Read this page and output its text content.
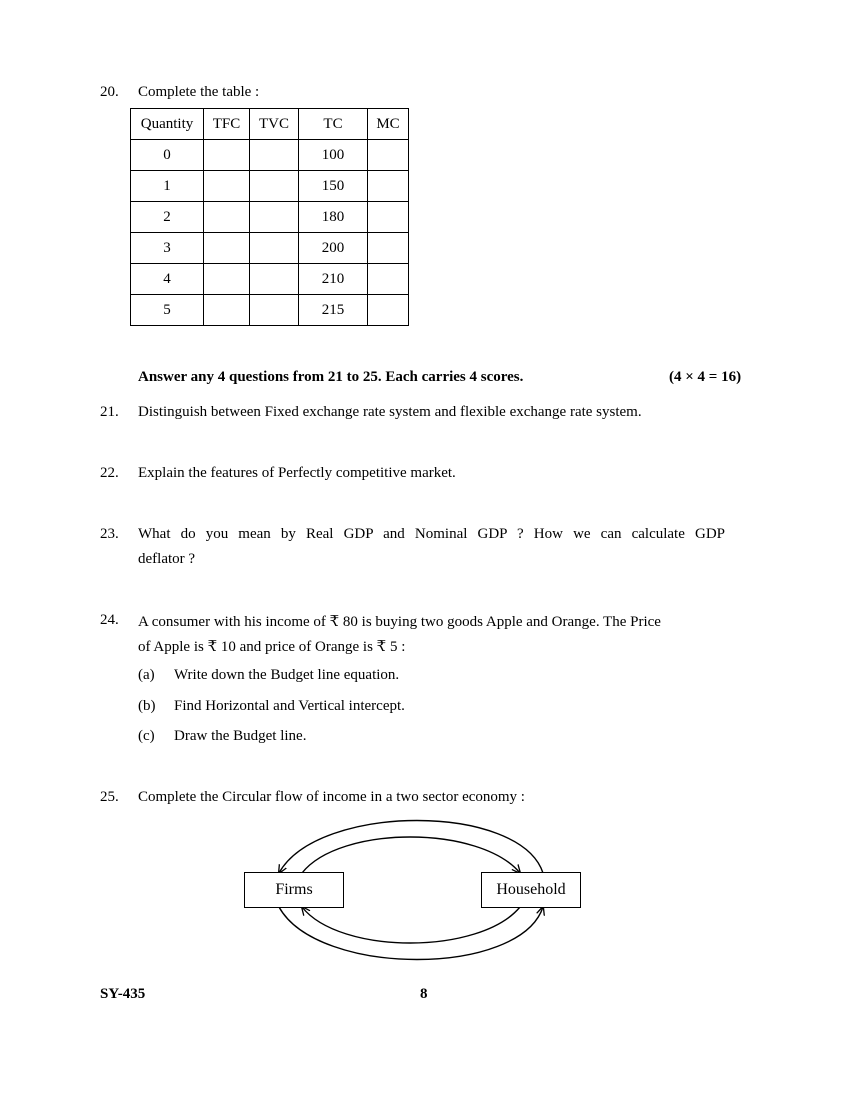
20. Complete the table :
Quantity	TFC	TVC	TC	MC
0			100	
1			150	
2			180	
3			200	
4			210	
5			215	
Answer any 4 questions from 21 to 25. Each carries 4 scores.	(4 × 4 = 16)
21. Distinguish between Fixed exchange rate system and flexible exchange rate system.
22. Explain the features of Perfectly competitive market.
23. What do you mean by Real GDP and Nominal GDP ? How we can calculate GDP
deflator ?
24. A consumer with his income of ₹ 80 is buying two goods Apple and Orange. The Price
of Apple is ₹ 10 and price of Orange is ₹ 5 :
(a) Write down the Budget line equation.
(b) Find Horizontal and Vertical intercept.
(c) Draw the Budget line.
25. Complete the Circular flow of income in a two sector economy :
Firms	Household
SY-435	8
